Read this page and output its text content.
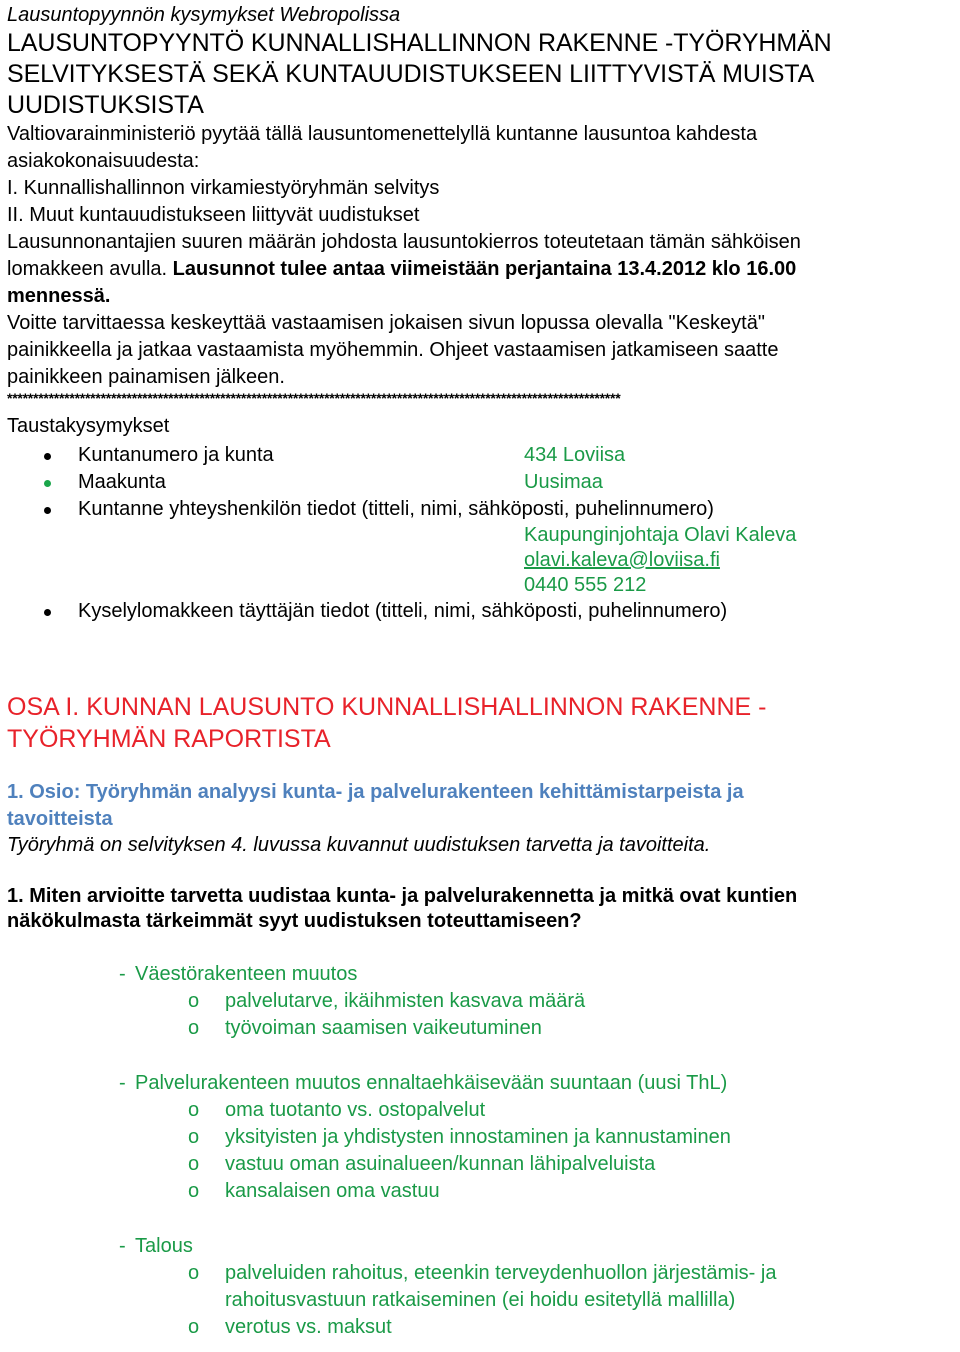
Lausuntopyynnön kysymykset Webropolissa
LAUSUNTOPYYNTÖ KUNNALLISHALLINNON RAKENNE -TYÖRYHMÄN
SELVITYKSESTÄ SEKÄ KUNTAUUDISTUKSEEN LIITTYVISTÄ MUISTA
UUDISTUKSISTA

Valtiovarainministeriö pyytää tällä lausuntomenettelyllä kuntanne lausuntoa kahdesta

asiakokonaisuudesta:

I. Kunnallishallinnon virkamiestyöryhmän selvitys

II. Muut kuntauudistukseen liittyvät uudistukset

Lausunnonantajien suuren määrän johdosta lausuntokierros toteutetaan tämän sähköisen

lomakkeen avulla. Lausunnot tulee antaa viimeistään perjantaina 13.4.2012 klo 16.00

mennessä.

Voitte tarvittaessa keskeyttää vastaamisen jokaisen sivun lopussa olevalla "Keskeytä"

painikkeella ja jatkaa vastaamista myöhemmin. Ohjeet vastaamisen jatkamiseen saatte

painikkeen painamisen jälkeen.

**********************************************************************************************************************
Taustakysymykset
Kuntanumero ja kunta	434 Loviisa
Maakunta	Uusimaa
Kuntanne yhteyshenkilön tiedot (titteli, nimi, sähköposti, puhelinnumero)
Kaupunginjohtaja Olavi Kaleva
olavi.kaleva@loviisa.fi
0440 555 212
Kyselylomakkeen täyttäjän tiedot (titteli, nimi, sähköposti, puhelinnumero)
OSA I. KUNNAN LAUSUNTO KUNNALLISHALLINNON RAKENNE -
TYÖRYHMÄN RAPORTISTA
1. Osio: Työryhmän analyysi kunta- ja palvelurakenteen kehittämistarpeista ja
tavoitteista

Työryhmä on selvityksen 4. luvussa kuvannut uudistuksen tarvetta ja tavoitteita.

1. Miten arvioitte tarvetta uudistaa kunta- ja palvelurakennetta ja mitkä ovat kuntien

näkökulmasta tärkeimmät syyt uudistuksen toteuttamiseen?

- Väestörakenteen muutos
o palvelutarve, ikäihmisten kasvava määrä
o työvoiman saamisen vaikeutuminen
- Palvelurakenteen muutos ennaltaehkäisevään suuntaan (uusi ThL)
o oma tuotanto vs. ostopalvelut
o yksityisten ja yhdistysten innostaminen ja kannustaminen
o vastuu oman asuinalueen/kunnan lähipalveluista
o kansalaisen oma vastuu
- Talous
o palveluiden rahoitus, eteenkin terveydenhuollon järjestämis- ja
rahoitusvastuun ratkaiseminen (ei hoidu esitetyllä mallilla)
o verotus vs. maksut
